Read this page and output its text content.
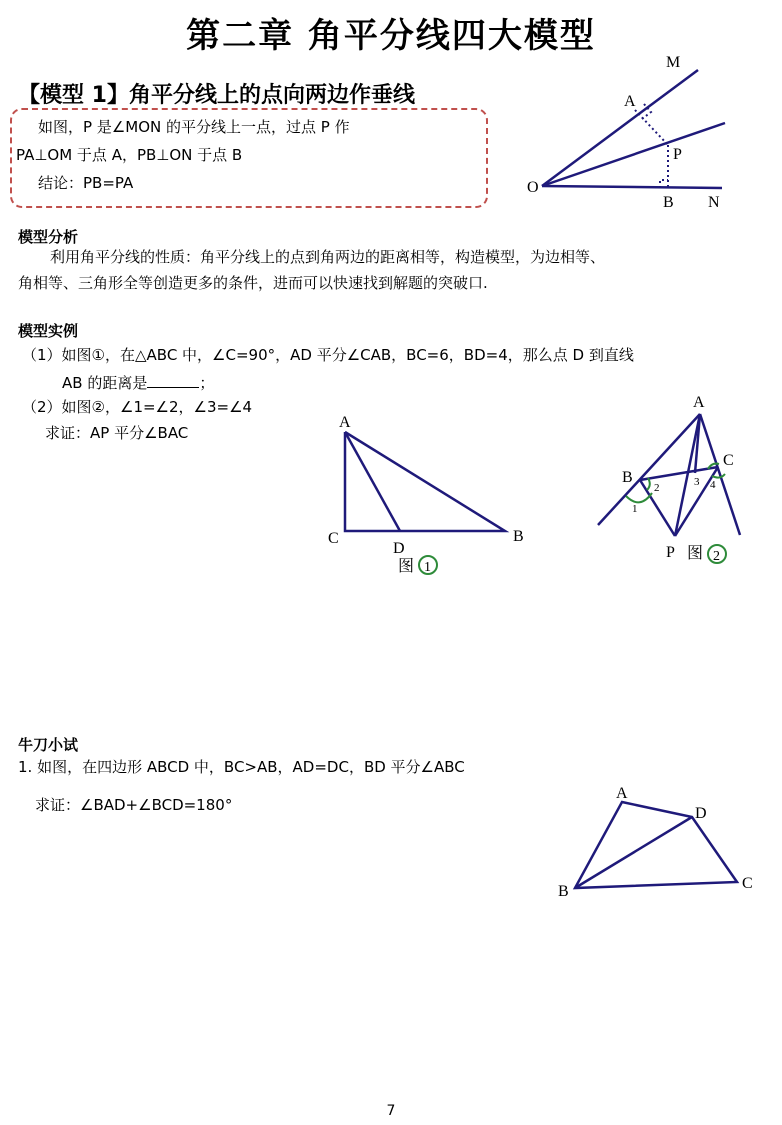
第二章 角平分线四大模型
【模型 1】角平分线上的点向两边作垂线
如图，P 是∠MON 的平分线上一点，过点 P 作
PA⊥OM 于点 A，PB⊥ON 于点 B
结论：PB=PA
M
A
P
O
B N
模型分析
利用角平分线的性质：角平分线上的点到角两边的距离相等，构造模型，为边相等、
角相等、三角形全等创造更多的条件，进而可以快速找到解题的突破口.
模型实例
（1）如图①，在△ABC 中，∠C=90°，AD 平分∠CAB，BC=6，BD=4，那么点 D 到直线
AB 的距离是	；
（2）如图②，∠1=∠2，∠3=∠4
求证：AP 平分∠BAC
A
C
D
B
图 1
A
B
C
P
1
2	3 4
图 2
牛刀小试
1. 如图，在四边形 ABCD 中，BC>AB，AD=DC，BD 平分∠ABC
求证：∠BAD+∠BCD=180°
A
D
B	C
7
